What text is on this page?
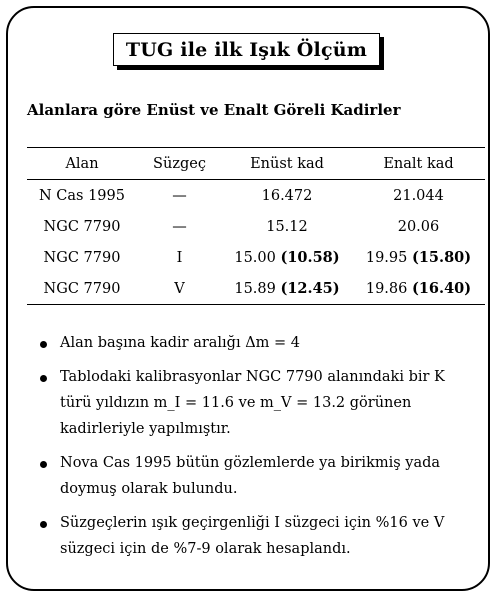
TUG ile ilk Işık Ölçüm
Alanlara göre Enüst ve Enalt Göreli Kadirler
Alan	Süzgeç	Enüst kad	Enalt kad
N Cas 1995	—	16.472	21.044
NGC 7790	—	15.12	20.06
NGC 7790	I	15.00 (10.58)	19.95 (15.80)
NGC 7790	V	15.89 (12.45)	19.86 (16.40)
Alan başına kadir aralığı Δm = 4
Tablodaki kalibrasyonlar NGC 7790 alanındaki bir K türü yıldızın m_I = 11.6 ve m_V = 13.2 görünen kadirleriyle yapılmıştır.
Nova Cas 1995 bütün gözlemlerde ya birikmiş yada doymuş olarak bulundu.
Süzgeçlerin ışık geçirgenliği I süzgeci için %16 ve V süzgeci için de %7-9 olarak hesaplandı.
